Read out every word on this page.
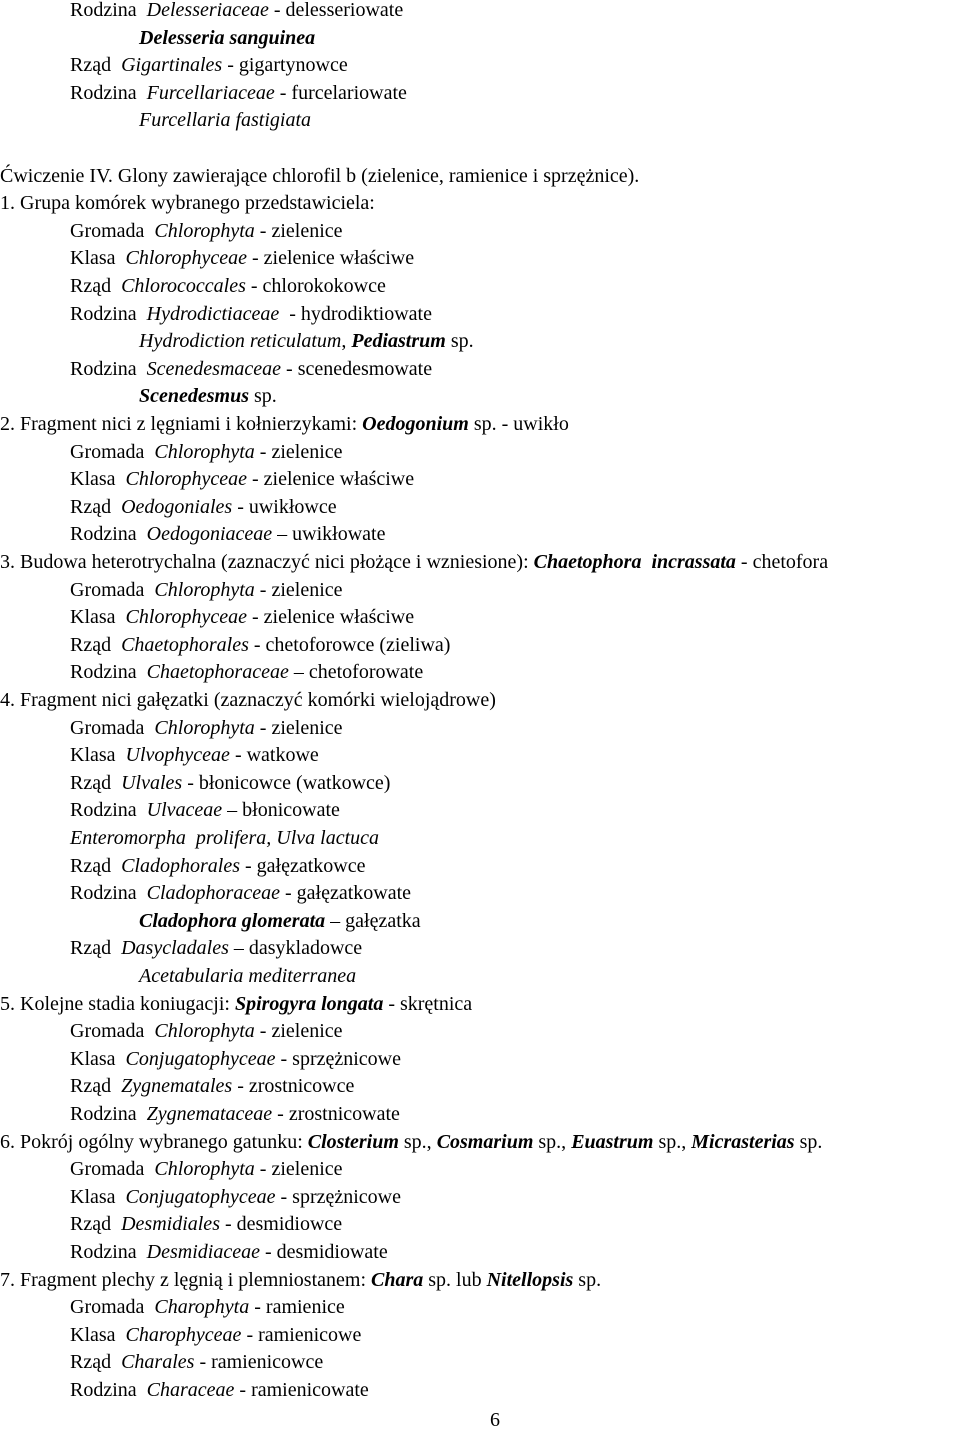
Rodzina  Delesseriaceae - delesseriowate
Delesseria sanguinea
Rząd  Gigartinales - gigartynowce
Rodzina  Furcellariaceae - furcelariowate
Furcellaria fastigiata
Ćwiczenie IV. Glony zawierające chlorofil b (zielenice, ramienice i sprzężnice).
1. Grupa komórek wybranego przedstawiciela:
Gromada  Chlorophyta - zielenice
Klasa  Chlorophyceae - zielenice właściwe
Rząd  Chlorococcales - chlorokokowce
Rodzina  Hydrodictiaceae  - hydrodiktiowate
Hydrodiction reticulatum, Pediastrum sp.
Rodzina  Scenedesmaceae - scenedesmowate
Scenedesmus sp.
2. Fragment nici z lęgniami i kołnierzykami: Oedogonium sp. - uwikło
Gromada  Chlorophyta - zielenice
Klasa  Chlorophyceae - zielenice właściwe
Rząd  Oedogoniales - uwikłowce
Rodzina  Oedogoniaceae – uwikłowate
3. Budowa heterotrychalna (zaznaczyć nici płożące i wzniesione): Chaetophora  incrassata - chetofora
Gromada  Chlorophyta - zielenice
Klasa  Chlorophyceae - zielenice właściwe
Rząd  Chaetophorales - chetoforowce (zieliwa)
Rodzina  Chaetophoraceae – chetoforowate
4. Fragment nici gałęzatki (zaznaczyć komórki wielojądrowe)
Gromada  Chlorophyta - zielenice
Klasa  Ulvophyceae - watkowe
Rząd  Ulvales - błonicowce (watkowce)
Rodzina  Ulvaceae – błonicowate
Enteromorpha  prolifera, Ulva lactuca
Rząd  Cladophorales - gałęzatkowce
Rodzina  Cladophoraceae - gałęzatkowate
Cladophora glomerata – gałęzatka
Rząd  Dasycladales – dasykladowce
Acetabularia mediterranea
5. Kolejne stadia koniugacji: Spirogyra longata - skrętnica
Gromada  Chlorophyta - zielenice
Klasa  Conjugatophyceae - sprzężnicowe
Rząd  Zygnematales - zrostnicowce
Rodzina  Zygnemataceae - zrostnicowate
6. Pokrój ogólny wybranego gatunku: Closterium sp., Cosmarium sp., Euastrum sp., Micrasterias sp.
Gromada  Chlorophyta - zielenice
Klasa  Conjugatophyceae - sprzężnicowe
Rząd  Desmidiales - desmidiowce
Rodzina  Desmidiaceae - desmidiowate
7. Fragment plechy z lęgnią i plemniostanem: Chara sp. lub Nitellopsis sp.
Gromada  Charophyta - ramienice
Klasa  Charophyceae - ramienicowe
Rząd  Charales - ramienicowce
Rodzina  Characeae - ramienicowate
6
